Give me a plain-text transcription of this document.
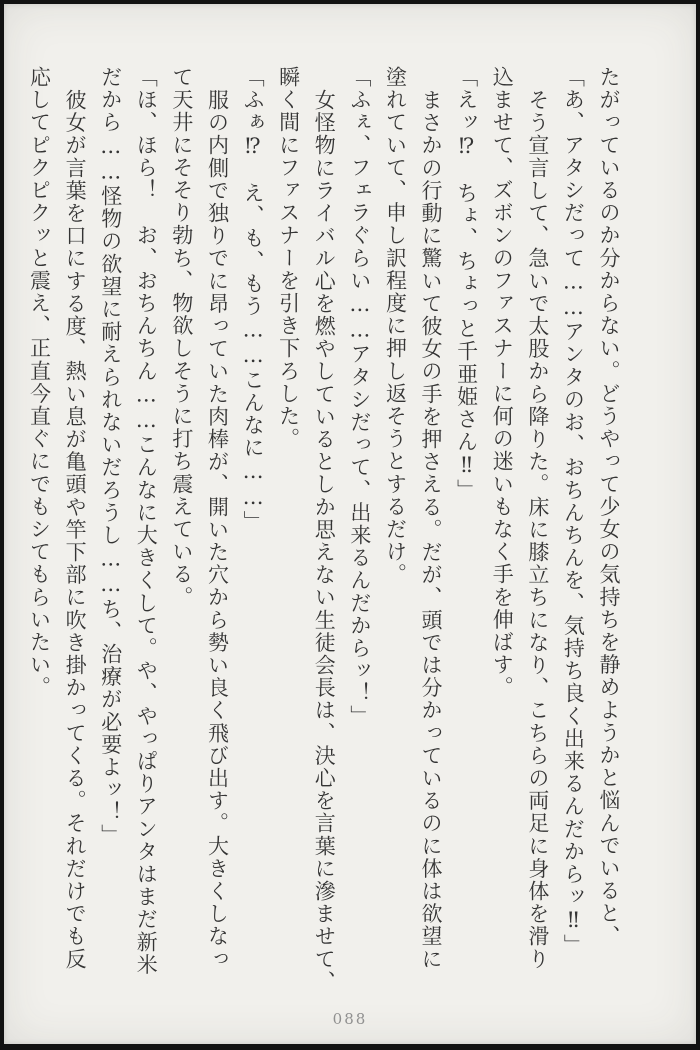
たがっているのか分からない。どうやって少女の気持ちを静めようかと悩んでいると、
「あ、アタシだって……アンタのお、おちんちんを、気持ち良く出来るんだからッ‼」
そう宣言して、急いで太股から降りた。床に膝立ちになり、こちらの両足に身体を滑り
込ませて、ズボンのファスナーに何の迷いもなく手を伸ばす。
「えッ⁉　ちょ、ちょっと千亜姫さん‼」
まさかの行動に驚いて彼女の手を押さえる。だが、頭では分かっているのに体は欲望に
塗れていて、申し訳程度に押し返そうとするだけ。
「ふぇ、フェラぐらい……アタシだって、出来るんだからッ！」
女怪物にライバル心を燃やしているとしか思えない生徒会長は、決心を言葉に滲ませて、
瞬く間にファスナーを引き下ろした。
「ふぁ⁉　え、も、もう……こんなに……」
服の内側で独りでに昂っていた肉棒が、開いた穴から勢い良く飛び出す。大きくしなっ
て天井にそそり勃ち、物欲しそうに打ち震えている。
「ほ、ほら！　お、おちんちん……こんなに大きくして。や、やっぱりアンタはまだ新米
だから……怪物の欲望に耐えられないだろうし……ち、治療が必要よッ！」
彼女が言葉を口にする度、熱い息が亀頭や竿下部に吹き掛かってくる。それだけでも反
応してピクピクッと震え、正直今直ぐにでもシてもらいたい。
088
